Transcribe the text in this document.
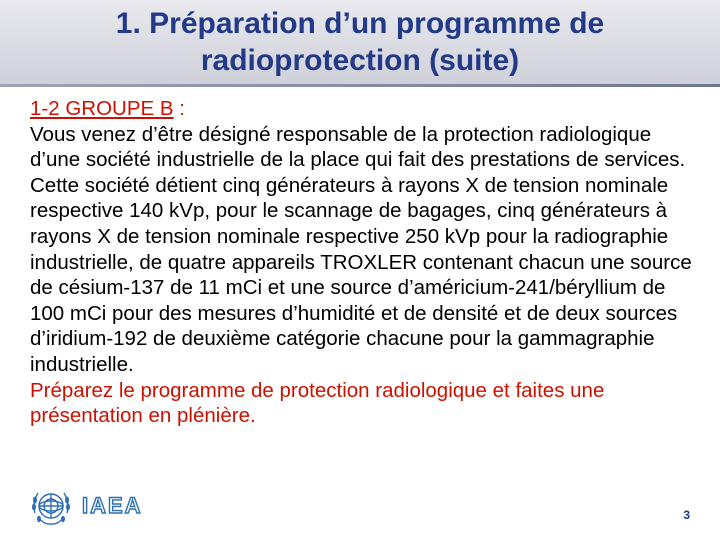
1. Préparation d’un programme de
radioprotection (suite)

1-2 GROUPE B :

Vous venez d’être désigné responsable de la protection radiologique d’une société industrielle de la place qui fait des prestations de services. Cette société détient cinq générateurs à rayons X de tension nominale respective 140 kVp, pour le scannage de bagages, cinq générateurs à rayons X de tension nominale respective 250 kVp pour la radiographie industrielle, de quatre appareils TROXLER contenant chacun une source de césium-137 de 11 mCi et une source d’américium-241/béryllium de 100 mCi pour des mesures d’humidité et de densité et de deux sources d’iridium-192 de deuxième catégorie chacune pour la gammagraphie industrielle.

Préparez le programme de protection radiologique et faites une présentation en plénière.

IAEA	3
